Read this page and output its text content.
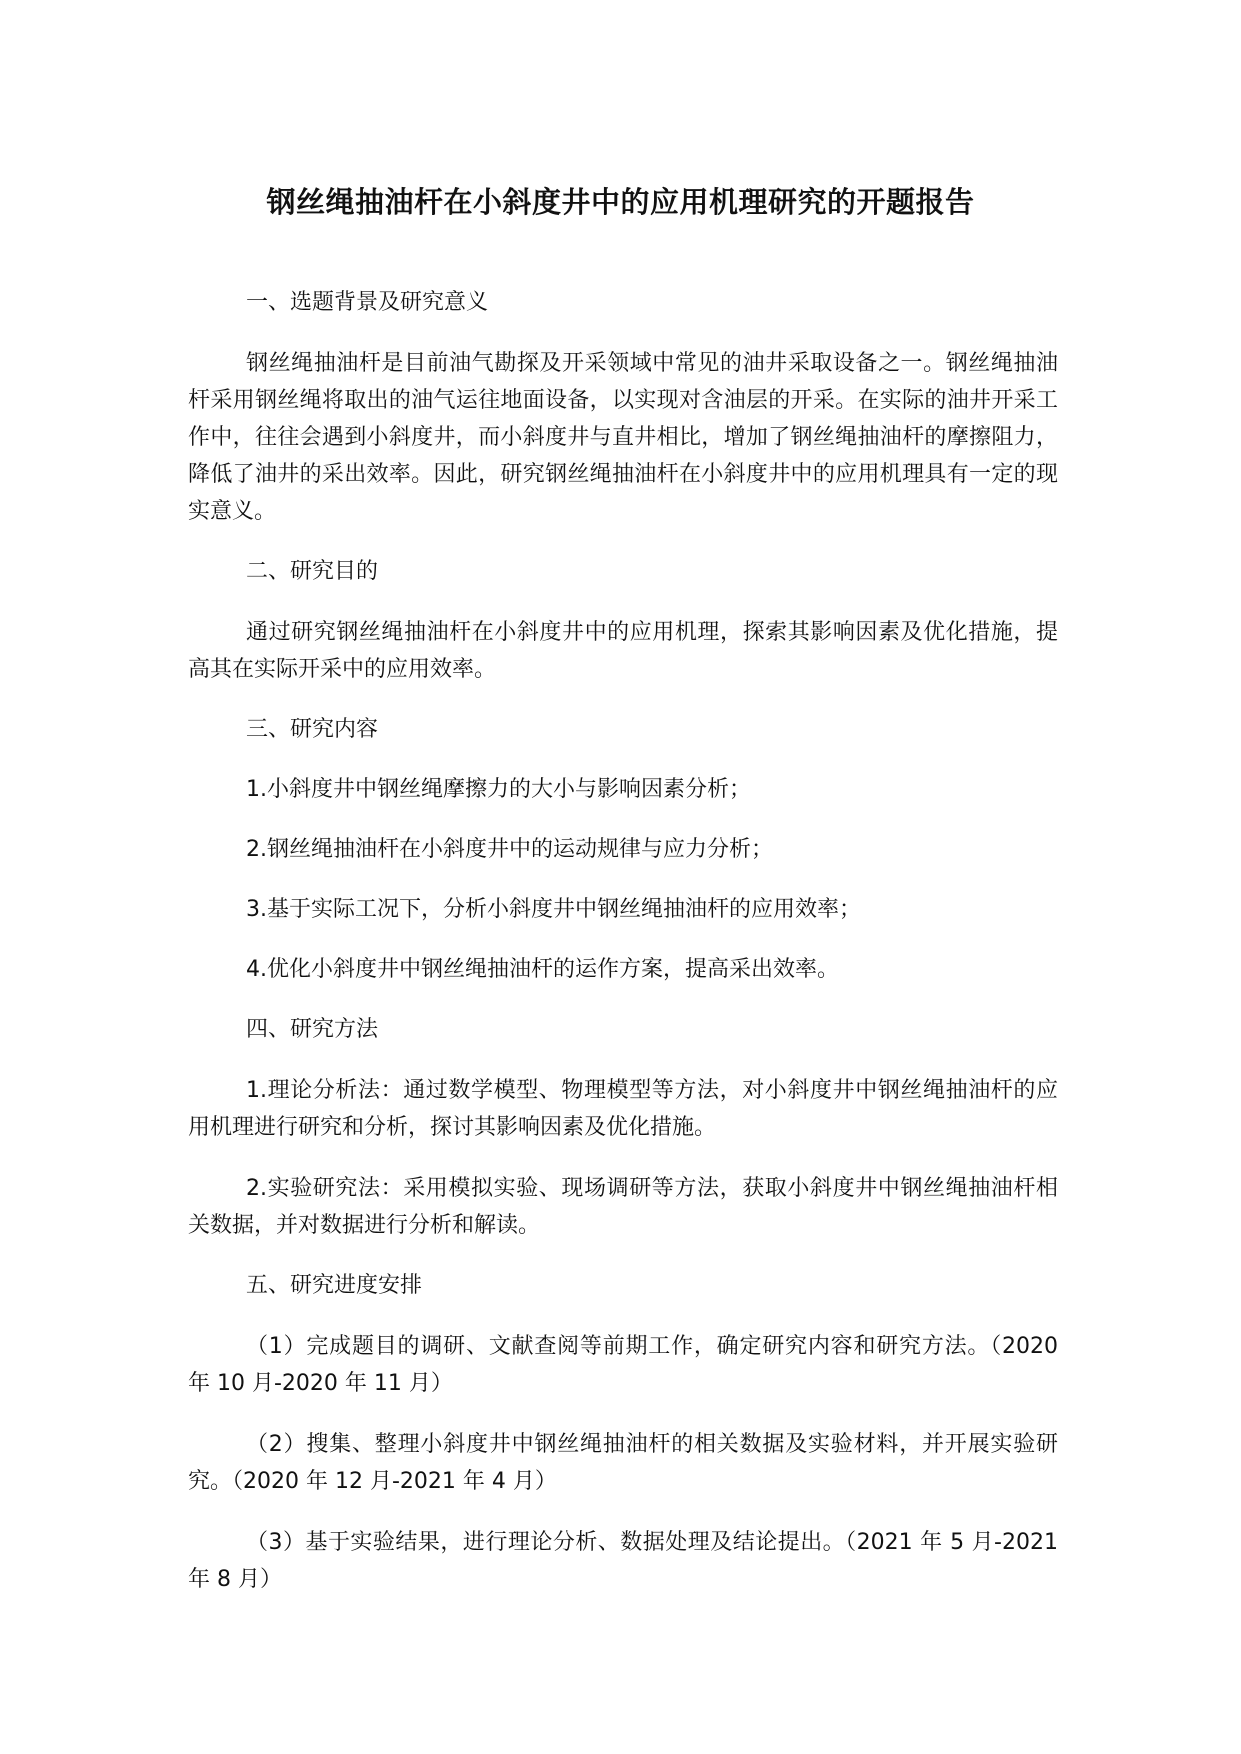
钢丝绳抽油杆在小斜度井中的应用机理研究的开题报告
一、选题背景及研究意义
钢丝绳抽油杆是目前油气勘探及开采领域中常见的油井采取设备之一。钢丝绳抽油杆采用钢丝绳将取出的油气运往地面设备，以实现对含油层的开采。在实际的油井开采工作中，往往会遇到小斜度井，而小斜度井与直井相比，增加了钢丝绳抽油杆的摩擦阻力，降低了油井的采出效率。因此，研究钢丝绳抽油杆在小斜度井中的应用机理具有一定的现实意义。
二、研究目的
通过研究钢丝绳抽油杆在小斜度井中的应用机理，探索其影响因素及优化措施，提高其在实际开采中的应用效率。
三、研究内容
1.小斜度井中钢丝绳摩擦力的大小与影响因素分析；
2.钢丝绳抽油杆在小斜度井中的运动规律与应力分析；
3.基于实际工况下，分析小斜度井中钢丝绳抽油杆的应用效率；
4.优化小斜度井中钢丝绳抽油杆的运作方案，提高采出效率。
四、研究方法
1.理论分析法：通过数学模型、物理模型等方法，对小斜度井中钢丝绳抽油杆的应用机理进行研究和分析，探讨其影响因素及优化措施。
2.实验研究法：采用模拟实验、现场调研等方法，获取小斜度井中钢丝绳抽油杆相关数据，并对数据进行分析和解读。
五、研究进度安排
（1）完成题目的调研、文献查阅等前期工作，确定研究内容和研究方法。（2020 年 10 月-2020 年 11 月）
（2）搜集、整理小斜度井中钢丝绳抽油杆的相关数据及实验材料，并开展实验研究。（2020 年 12 月-2021 年 4 月）
（3）基于实验结果，进行理论分析、数据处理及结论提出。（2021 年 5 月-2021 年 8 月）
